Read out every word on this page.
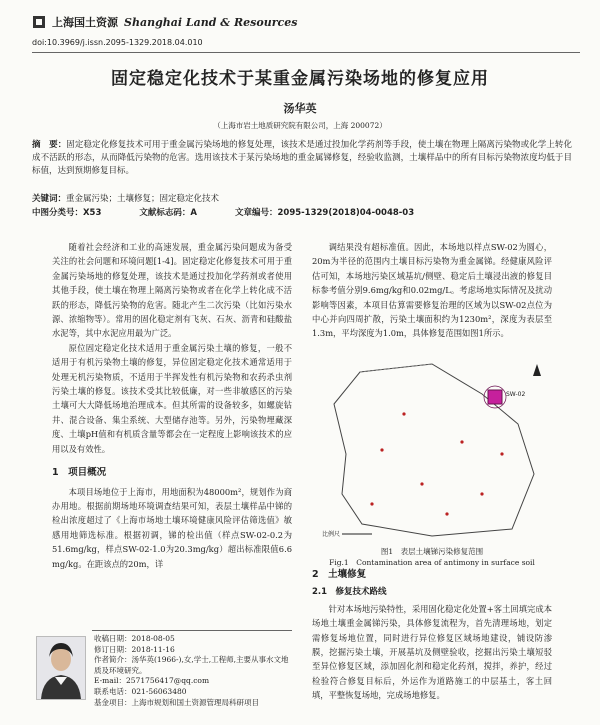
上海国土资源 Shanghai Land & Resources
doi:10.3969/j.issn.2095-1329.2018.04.010
固定稳定化技术于某重金属污染场地的修复应用
汤华英
（上海市岩土地质研究院有限公司，上海 200072）
摘　要：固定稳定化修复技术可用于重金属污染场地的修复处理，该技术是通过投加化学药剂等手段，使土壤在物理上隔离污染物或化学上转化成不活跃的形态，从而降低污染物的危害。选用该技术于某污染场地的重金属锑修复，经验收监测，土壤样品中的所有目标污染物浓度均低于目标值，达到预期修复目标。
关键词：重金属污染；土壤修复；固定稳定化技术
中图分类号：X53	文献标志码：A	文章编号：2095-1329(2018)04-0048-03

随着社会经济和工业的高速发展，重金属污染问题成为备受关注的社会问题和环境问题[1-4]。固定稳定化修复技术可用于重金属污染场地的修复处理，该技术是通过投加化学药剂或者使用其他手段，使土壤在物理上隔离污染物或者在化学上转化成不活跃的形态，降低污染物的危害。随北产生二次污染（比如污染水源、浓缩物等）。常用的固化稳定剂有飞灰、石灰、沥青和硅酸盐水泥等，其中水泥应用最为广泛。

原位固定稳定化技术适用于重金属污染土壤的修复，一般不适用于有机污染物土壤的修复，异位固定稳定化技术通常适用于处理无机污染物质，不适用于半挥发性有机污染物和农药杀虫剂污染土壤的修复。该技术受其比较低廉，对一些非敏感区的污染土壤可大大降低场地治理成本。但其所需的设备较多，如螺旋钻井、混合设备、集尘系统、大型储存池等。另外，污染物埋藏深度、土壤pH值和有机质含量等都会在一定程度上影响该技术的应用以及有效性。

1　项目概况

本项目场地位于上海市，用地面积为48000m²，规划作为商办用地。根据前期场地环境调查结果可知，表层土壤样品中锑的检出浓度超过了《上海市场地土壤环境健康风险评估筛选值》敏感用地筛选标准。根据初调，锑的检出值（样点SW-02-0.2为51.6mg/kg，样点SW-02-1.0为20.3mg/kg）超出标准限值6.6 mg/kg。在距该点的20m，详

调结果没有超标准值。因此，本场地以样点SW-02为圆心，20m为半径的范围内土壤目标污染物为重金属锑。经健康风险评估可知，本场地污染区域基坑/侧壁、稳定后土壤浸出液的修复目标参考值分别9.6mg/kg和0.02mg/L。考虑场地实际情况及扰动影响等因素，本项目估算需要修复治理的区域为以SW-02点位为中心并向四周扩散，污染土壤面积约为1230m²，深度为表层至1.3m，平均深度为1.0m，具体修复范围如图1所示。

SW-02
比例尺
图1　表层土壤锑污染修复范围
Fig.1　Contamination area of antimony in surface soil

2　土壤修复

2.1　修复技术路线

针对本场地污染特性，采用固化稳定化处置+客土回填完成本场地土壤重金属锑污染，具体修复流程为，首先清理场地，划定需修复场地位置，同时进行异位修复区域场地建设，铺设防渗膜，挖掘污染土壤，开展基坑及侧壁验收，挖掘出污染土壤短驳至异位修复区域，添加固化剂和稳定化药剂，搅拌，养护，经过检验符合修复目标后，外运作为道路施工的中层基土，客土回填，平整恢复场地，完成场地修复。

收稿日期：2018-08-05
修订日期：2018-11-16
作者简介：汤华英(1966-),女,学士,工程师,主要从事水文地质及环境研究。
E-mail：2571756417@qq.com
联系电话：021-56063480
基金项目：上海市规划和国土资源管理局科研项目
